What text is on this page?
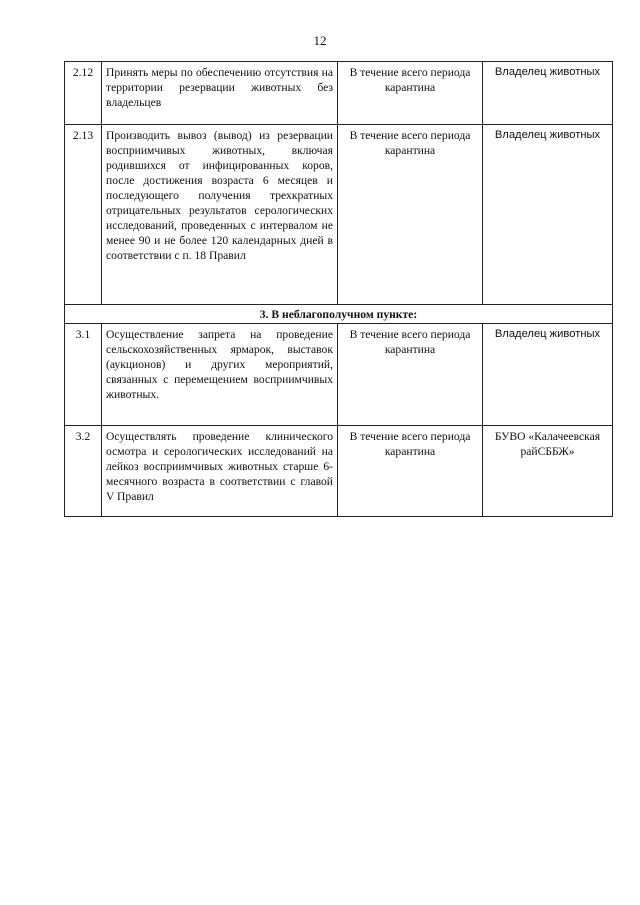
12
2.12	Принять меры по обеспечению отсутствия на территории резервации животных без владельцев	В течение всего периода карантина	Владелец животных
2.13	Производить вывоз (вывод) из резервации восприимчивых животных, включая родившихся от инфицированных коров, после достижения возраста 6 месяцев и последующего получения трехкратных отрицательных результатов серологических исследований, проведенных с интервалом не менее 90 и не более 120 календарных дней в соответствии с п. 18 Правил	В течение всего периода карантина	Владелец животных
3. В неблагополучном пункте:			
3.1	Осуществление запрета на проведение сельскохозяйственных ярмарок, выставок (аукционов) и других мероприятий, связанных с перемещением восприимчивых животных.	В течение всего периода карантина	Владелец животных
3.2	Осуществлять проведение клинического осмотра и серологических исследований на лейкоз восприимчивых животных старше 6-месячного возраста в соответствии с главой V Правил	В течение всего периода карантина	БУВО «Калачеевская райСББЖ»
